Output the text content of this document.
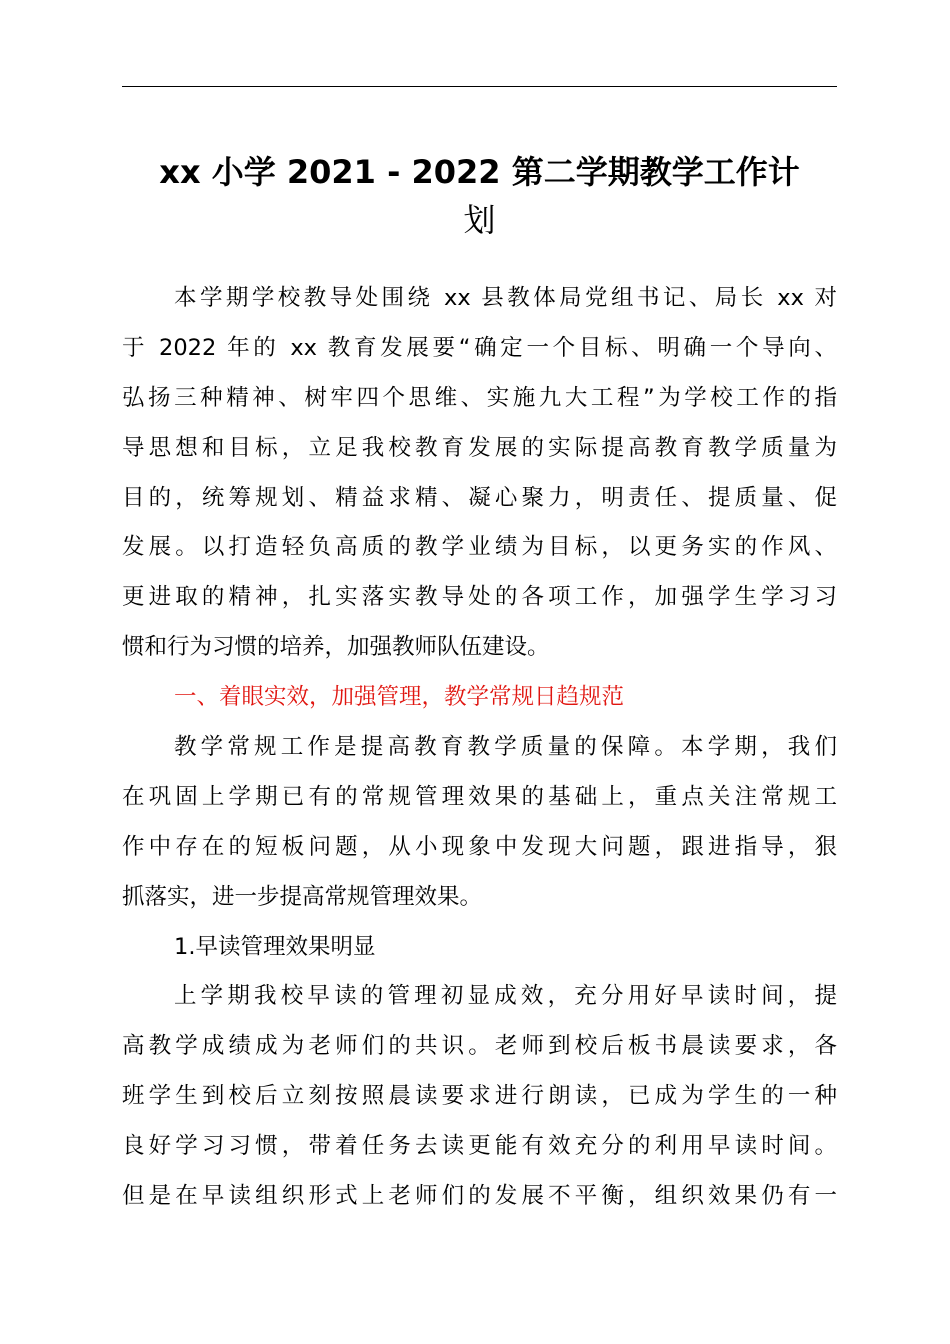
xx 小学 2021 - 2022 第二学期教学工作计
划
本学期学校教导处围绕 xx 县教体局党组书记、局长 xx 对
于 2022 年的 xx 教育发展要“确定一个目标、明确一个导向、
弘扬三种精神、树牢四个思维、实施九大工程”为学校工作的指
导思想和目标，立足我校教育发展的实际提高教育教学质量为
目的，统筹规划、精益求精、凝心聚力，明责任、提质量、促
发展。以打造轻负高质的教学业绩为目标，以更务实的作风、
更进取的精神，扎实落实教导处的各项工作，加强学生学习习
惯和行为习惯的培养，加强教师队伍建设。
一、着眼实效，加强管理，教学常规日趋规范
教学常规工作是提高教育教学质量的保障。本学期，我们
在巩固上学期已有的常规管理效果的基础上，重点关注常规工
作中存在的短板问题，从小现象中发现大问题，跟进指导，狠
抓落实，进一步提高常规管理效果。
1.早读管理效果明显
上学期我校早读的管理初显成效，充分用好早读时间，提
高教学成绩成为老师们的共识。老师到校后板书晨读要求，各
班学生到校后立刻按照晨读要求进行朗读，已成为学生的一种
良好学习习惯，带着任务去读更能有效充分的利用早读时间。
但是在早读组织形式上老师们的发展不平衡，组织效果仍有一
